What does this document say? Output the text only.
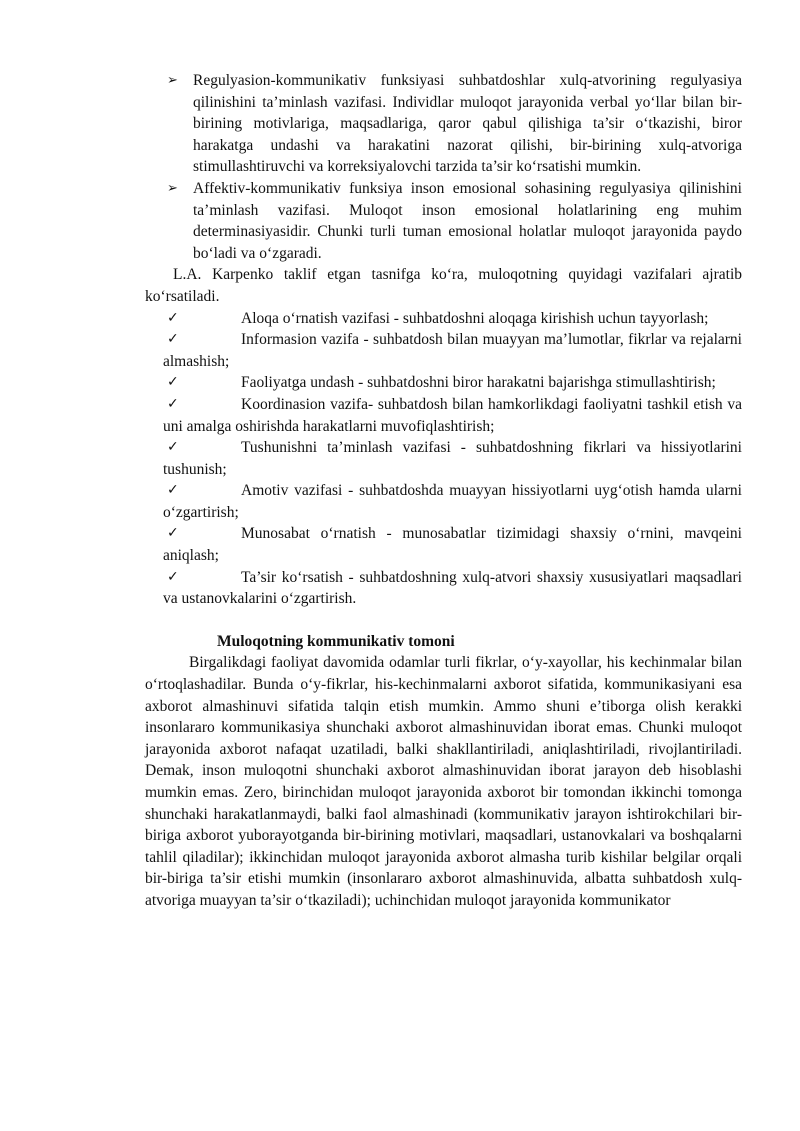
➢ Regulyasion-kommunikativ funksiyasi suhbatdoshlar xulq-atvorining regulyasiya qilinishini ta’minlash vazifasi. Individlar muloqot jarayonida verbal yo‘llar bilan bir-birining motivlariga, maqsadlariga, qaror qabul qilishiga ta’sir o‘tkazishi, biror harakatga undashi va harakatini nazorat qilishi, bir-birining xulq-atvoriga stimullashtiruvchi va korreksiyalovchi tarzida ta’sir ko‘rsatishi mumkin.

➢ Affektiv-kommunikativ funksiya inson emosional sohasining regulyasiya qilinishini ta’minlash vazifasi. Muloqot inson emosional holatlarining eng muhim determinasiyasidir. Chunki turli tuman emosional holatlar muloqot jarayonida paydo bo‘ladi va o‘zgaradi.

L.A. Karpenko taklif etgan tasnifga ko‘ra, muloqotning quyidagi vazifalari ajratib ko‘rsatiladi.

✓	Aloqa o‘rnatish vazifasi - suhbatdoshni aloqaga kirishish uchun tayyorlash;

✓	Informasion vazifa - suhbatdosh bilan muayyan ma’lumotlar, fikrlar va rejalarni almashish;

✓	Faoliyatga undash - suhbatdoshni biror harakatni bajarishga stimullashtirish;

✓	Koordinasion vazifa- suhbatdosh bilan hamkorlikdagi faoliyatni tashkil etish va uni amalga oshirishda harakatlarni muvofiqlashtirish;

✓	Tushunishni ta’minlash vazifasi - suhbatdoshning fikrlari va hissiyotlarini tushunish;

✓	Amotiv vazifasi - suhbatdoshda muayyan hissiyotlarni uyg‘otish hamda ularni o‘zgartirish;

✓	Munosabat o‘rnatish - munosabatlar tizimidagi shaxsiy o‘rnini, mavqeini aniqlash;

✓	Ta’sir ko‘rsatish - suhbatdoshning xulq-atvori shaxsiy xususiyatlari maqsadlari va ustanovkalarini o‘zgartirish.

Muloqotning kommunikativ tomoni

Birgalikdagi faoliyat davomida odamlar turli fikrlar, o‘y-xayollar, his kechinmalar bilan o‘rtoqlashadilar. Bunda o‘y-fikrlar, his-kechinmalarni axborot sifatida, kommunikasiyani esa axborot almashinuvi sifatida talqin etish mumkin. Ammo shuni e’tiborga olish kerakki insonlararo kommunikasiya shunchaki axborot almashinuvidan iborat emas. Chunki muloqot jarayonida axborot nafaqat uzatiladi, balki shakllantiriladi, aniqlashtiriladi, rivojlantiriladi. Demak, inson muloqotni shunchaki axborot almashinuvidan iborat jarayon deb hisoblashi mumkin emas. Zero, birinchidan muloqot jarayonida axborot bir tomondan ikkinchi tomonga shunchaki harakatlanmaydi, balki faol almashinadi (kommunikativ jarayon ishtirokchilari bir-biriga axborot yuborayotganda bir-birining motivlari, maqsadlari, ustanovkalari va boshqalarni tahlil qiladilar); ikkinchidan muloqot jarayonida axborot almasha turib kishilar belgilar orqali bir-biriga ta’sir etishi mumkin (insonlararo axborot almashinuvida, albatta suhbatdosh xulq-atvoriga muayyan ta’sir o‘tkaziladi); uchinchidan muloqot jarayonida kommunikator
